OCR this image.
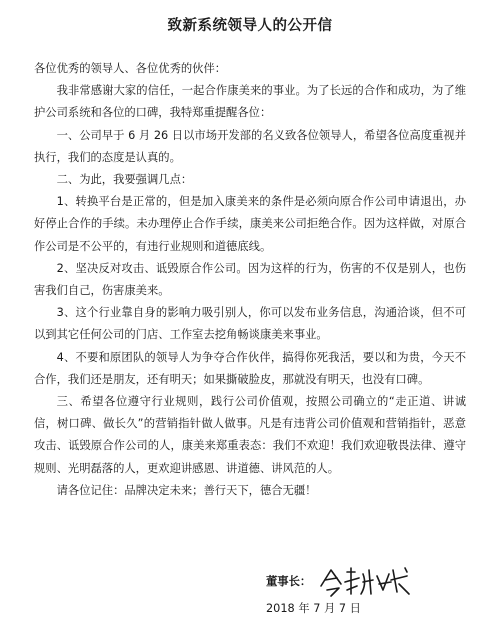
致新系统领导人的公开信

各位优秀的领导人、各位优秀的伙伴：

我非常感谢大家的信任，一起合作康美来的事业。为了长远的合作和成功，为了维护公司系统和各位的口碑，我特郑重提醒各位：

一、公司早于 6 月 26 日以市场开发部的名义致各位领导人，希望各位高度重视并执行，我们的态度是认真的。

二、为此，我要强调几点：

1、转换平台是正常的，但是加入康美来的条件是必须向原合作公司申请退出，办好停止合作的手续。未办理停止合作手续，康美来公司拒绝合作。因为这样做，对原合作公司是不公平的，有违行业规则和道德底线。

2、坚决反对攻击、诋毁原合作公司。因为这样的行为，伤害的不仅是别人，也伤害我们自己，伤害康美来。

3、这个行业靠自身的影响力吸引别人，你可以发布业务信息，沟通洽谈，但不可以到其它任何公司的门店、工作室去挖角畅谈康美来事业。

4、不要和原团队的领导人为争夺合作伙伴，搞得你死我活，要以和为贵，今天不合作，我们还是朋友，还有明天；如果撕破脸皮，那就没有明天，也没有口碑。

三、希望各位遵守行业规则，践行公司价值观，按照公司确立的“走正道、讲诚信，树口碑、做长久”的营销指针做人做事。凡是有违背公司价值观和营销指针，恶意攻击、诋毁原合作公司的人，康美来郑重表态：我们不欢迎！我们欢迎敬畏法律、遵守规则、光明磊落的人，更欢迎讲感恩、讲道德、讲风范的人。

请各位记住：品牌决定未来；善行天下，德合无疆！

董事长：
2018 年 7 月 7 日
